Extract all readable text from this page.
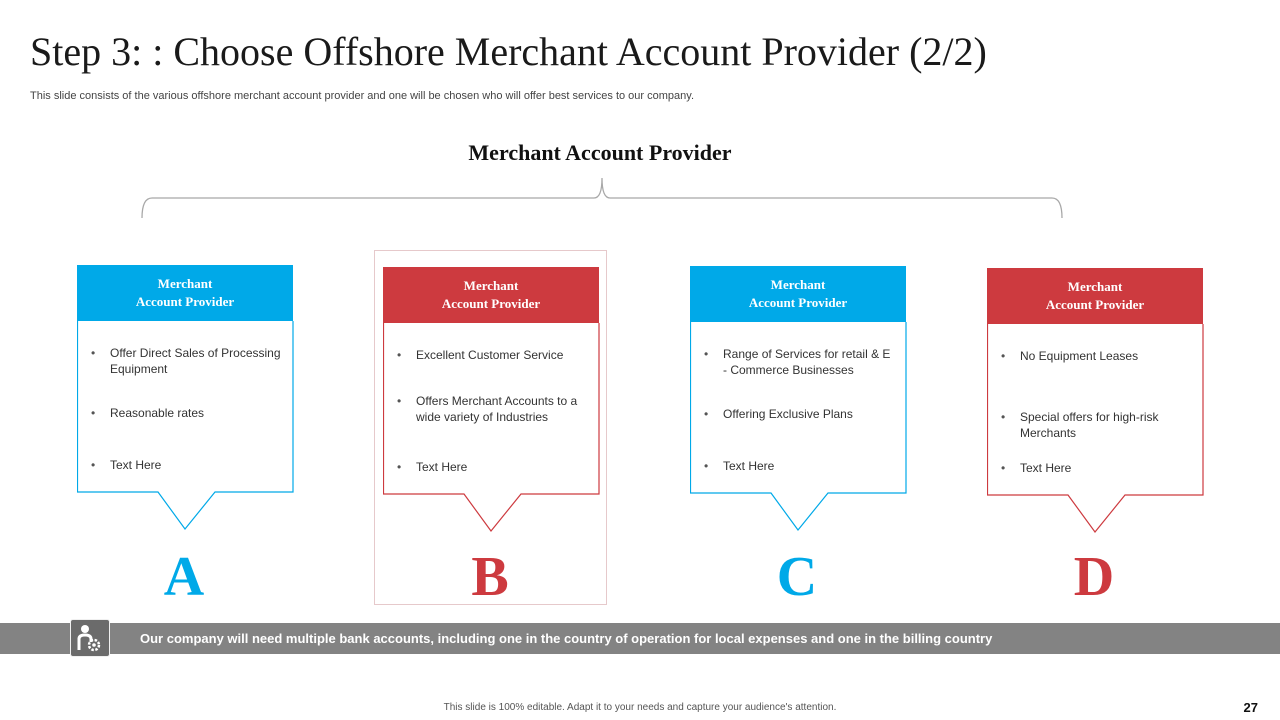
Step 3: : Choose Offshore Merchant Account Provider (2/2)
This slide consists of the various offshore merchant account provider and one will be chosen who will offer best services to our company.
Merchant Account Provider
Merchant
Account Provider
• Offer Direct Sales of Processing Equipment
• Reasonable rates
• Text Here
A
Merchant
Account Provider
• Excellent Customer Service
• Offers Merchant Accounts to a wide variety of Industries
• Text Here
B
Merchant
Account Provider
• Range of Services for retail & E - Commerce Businesses
• Offering Exclusive Plans
• Text Here
C
Merchant
Account Provider
• No Equipment Leases
• Special offers for high-risk Merchants
• Text Here
D
Our company will need multiple bank accounts, including one in the country of operation for local expenses and one in the billing country
This slide is 100% editable. Adapt it to your needs and capture your audience's attention.	27
